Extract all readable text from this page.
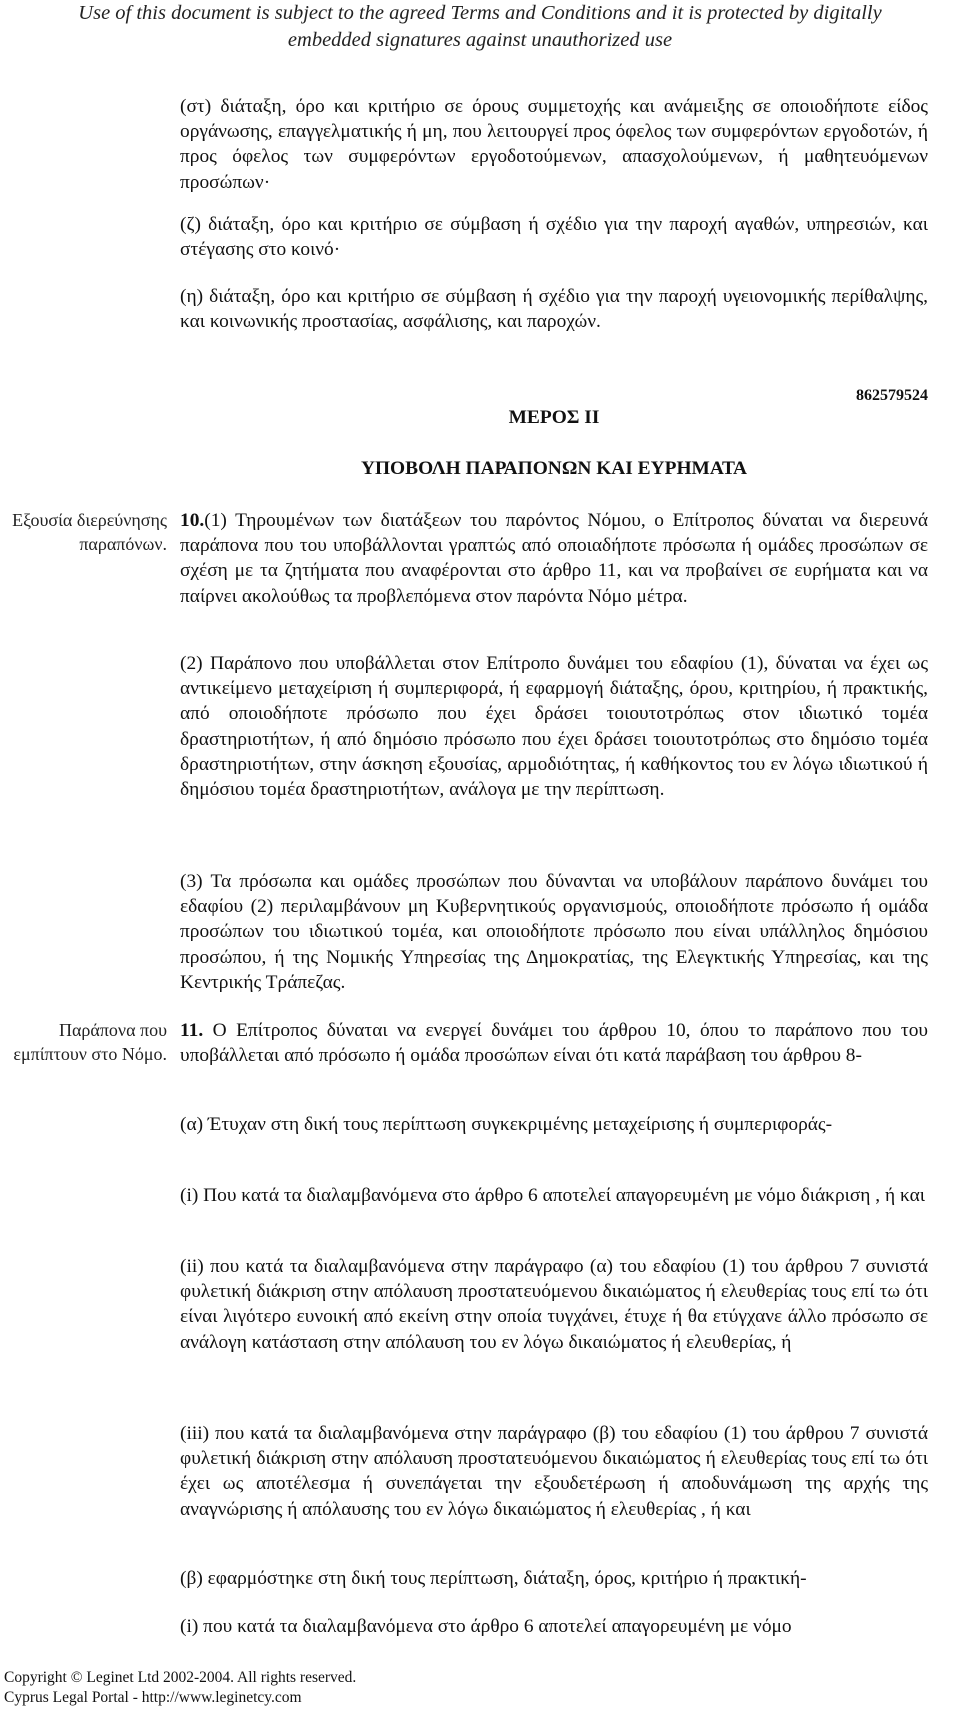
Use of this document is subject to the agreed Terms and Conditions and it is protected by digitally
embedded signatures against unauthorized use

(στ) διάταξη, όρο και κριτήριο σε όρους συμμετοχής και ανάμειξης σε οποιοδήποτε είδος οργάνωσης, επαγγελματικής ή μη, που λειτουργεί προς όφελος των συμφερόντων εργοδοτών, ή προς όφελος των συμφερόντων εργοδοτούμενων, απασχολούμενων, ή μαθητευόμενων προσώπων·

(ζ) διάταξη, όρο και κριτήριο σε σύμβαση ή σχέδιο για την παροχή αγαθών, υπηρεσιών, και στέγασης στο κοινό·

(η) διάταξη, όρο και κριτήριο σε σύμβαση ή σχέδιο για την παροχή υγειονομικής περίθαλψης, και κοινωνικής προστασίας, ασφάλισης, και παροχών.

862579524
ΜΕΡΟΣ ΙΙ
ΥΠΟΒΟΛΗ ΠΑΡΑΠΟΝΩΝ ΚΑΙ ΕΥΡΗΜΑΤΑ
Εξουσία διερεύνησης παραπόνων.

10.(1) Τηρουμένων των διατάξεων του παρόντος Νόμου, ο Επίτροπος δύναται να διερευνά παράπονα που του υποβάλλονται γραπτώς από οποιαδήποτε πρόσωπα ή ομάδες προσώπων σε σχέση με τα ζητήματα που αναφέρονται στο άρθρο 11, και να προβαίνει σε ευρήματα και να παίρνει ακολούθως τα προβλεπόμενα στον παρόντα Νόμο μέτρα.

(2) Παράπονο που υποβάλλεται στον Επίτροπο δυνάμει του εδαφίου (1), δύναται να έχει ως αντικείμενο μεταχείριση ή συμπεριφορά, ή εφαρμογή διάταξης, όρου, κριτηρίου, ή πρακτικής, από οποιοδήποτε πρόσωπο που έχει δράσει τοιουτοτρόπως στον ιδιωτικό τομέα δραστηριοτήτων, ή από δημόσιο πρόσωπο που έχει δράσει τοιουτοτρόπως στο δημόσιο τομέα δραστηριοτήτων, στην άσκηση εξουσίας, αρμοδιότητας, ή καθήκοντος του εν λόγω ιδιωτικού ή δημόσιου τομέα δραστηριοτήτων, ανάλογα με την περίπτωση.

(3) Τα πρόσωπα και ομάδες προσώπων που δύνανται να υποβάλουν παράπονο δυνάμει του εδαφίου (2) περιλαμβάνουν μη Κυβερνητικούς οργανισμούς, οποιοδήποτε πρόσωπο ή ομάδα προσώπων του ιδιωτικού τομέα, και οποιοδήποτε πρόσωπο που είναι υπάλληλος δημόσιου προσώπου, ή της Νομικής Υπηρεσίας της Δημοκρατίας, της Ελεγκτικής Υπηρεσίας, και της Κεντρικής Τράπεζας.

Παράπονα που εμπίπτουν στο Νόμο.

11. Ο Επίτροπος δύναται να ενεργεί δυνάμει του άρθρου 10, όπου το παράπονο που του υποβάλλεται από πρόσωπο ή ομάδα προσώπων είναι ότι κατά παράβαση του άρθρου 8-

(α) Έτυχαν στη δική τους περίπτωση συγκεκριμένης μεταχείρισης ή συμπεριφοράς-

(i) Που κατά τα διαλαμβανόμενα στο άρθρο 6 αποτελεί απαγορευμένη με νόμο διάκριση , ή και

(ii) που κατά τα διαλαμβανόμενα στην παράγραφο (α) του εδαφίου (1) του άρθρου 7 συνιστά φυλετική διάκριση στην απόλαυση προστατευόμενου δικαιώματος ή ελευθερίας τους επί τω ότι είναι λιγότερο ευνοική από εκείνη στην οποία τυγχάνει, έτυχε ή θα ετύγχανε άλλο πρόσωπο σε ανάλογη κατάσταση στην απόλαυση του εν λόγω δικαιώματος ή ελευθερίας, ή

(iii) που κατά τα διαλαμβανόμενα στην παράγραφο (β) του εδαφίου (1) του άρθρου 7 συνιστά φυλετική διάκριση στην απόλαυση προστατευόμενου δικαιώματος ή ελευθερίας τους επί τω ότι έχει ως αποτέλεσμα ή συνεπάγεται την εξουδετέρωση ή αποδυνάμωση της αρχής της αναγνώρισης ή απόλαυσης του εν λόγω δικαιώματος ή ελευθερίας , ή και

(β) εφαρμόστηκε στη δική τους περίπτωση, διάταξη, όρος, κριτήριο ή πρακτική-

(i) που κατά τα διαλαμβανόμενα στο άρθρο 6 αποτελεί απαγορευμένη με νόμο

Copyright © Leginet Ltd 2002-2004. All rights reserved.
Cyprus Legal Portal - http://www.leginetcy.com
